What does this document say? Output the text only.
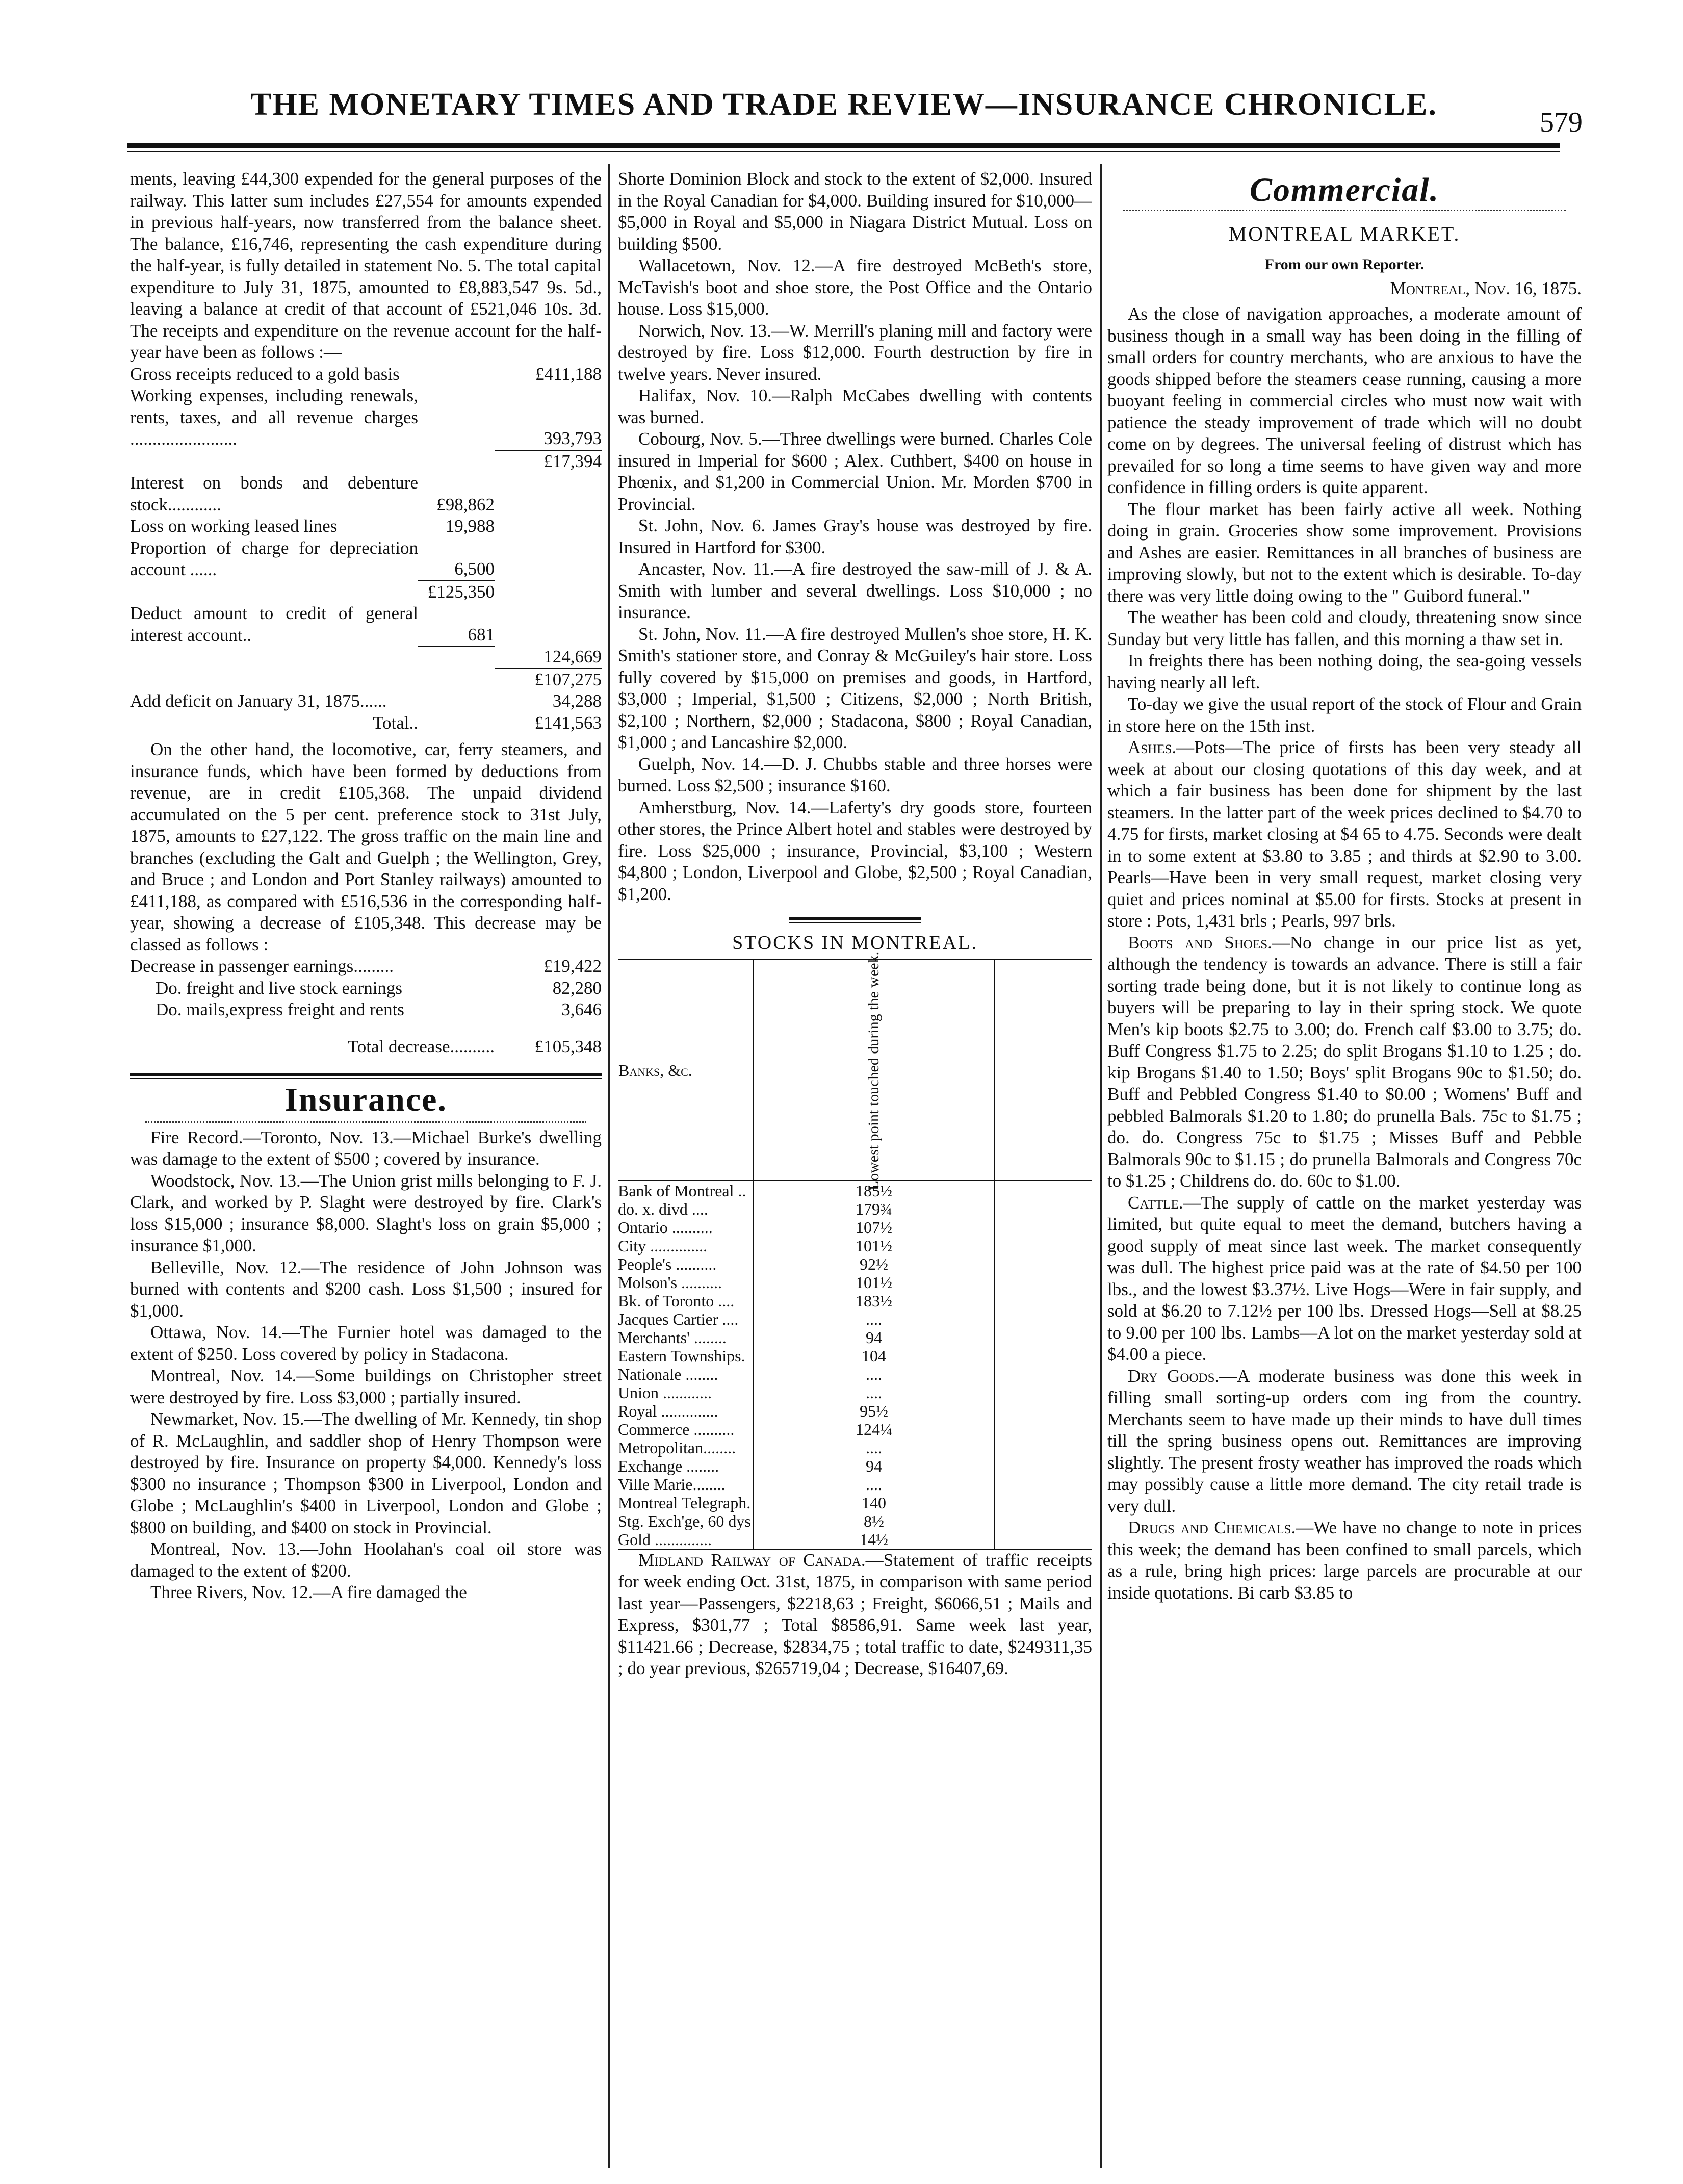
THE MONETARY TIMES AND TRADE REVIEW—INSURANCE CHRONICLE.
579

ments, leaving £44,300 expended for the general purposes of the railway. This latter sum includes £27,554 for amounts expended in previous half-years, now transferred from the balance sheet. The balance, £16,746, representing the cash expenditure during the half-year, is fully detailed in statement No. 5. The total capital expenditure to July 31, 1875, amounted to £8,883,547 9s. 5d., leaving a balance at credit of that account of £521,046 10s. 3d. The receipts and expenditure on the revenue account for the half-year have been as follows :—

Gross receipts reduced to a gold basis		£411,188
Working expenses, including renewals, rents, taxes, and all revenue charges ........................		393,793
		£17,394
Interest on bonds and debenture stock............	£98,862	
Loss on working leased lines	19,988	
Proportion of charge for depreciation account ......	6,500	
	£125,350	
Deduct amount to credit of general interest account..	681	
		124,669
		£107,275
Add deficit on January 31, 1875......		34,288
Total..		£141,563

On the other hand, the locomotive, car, ferry steamers, and insurance funds, which have been formed by deductions from revenue, are in credit £105,368. The unpaid dividend accumulated on the 5 per cent. preference stock to 31st July, 1875, amounts to £27,122. The gross traffic on the main line and branches (excluding the Galt and Guelph ; the Wellington, Grey, and Bruce ; and London and Port Stanley railways) amounted to £411,188, as compared with £516,536 in the corresponding half-year, showing a decrease of £105,348. This decrease may be classed as follows :

Decrease in passenger earnings.........	£19,422
Do. freight and live stock earnings	82,280
Do. mails,express freight and rents	3,646
Total decrease..........	£105,348
Insurance.

Fire Record.—Toronto, Nov. 13.—Michael Burke's dwelling was damage to the extent of $500 ; covered by insurance.

Woodstock, Nov. 13.—The Union grist mills belonging to F. J. Clark, and worked by P. Slaght were destroyed by fire. Clark's loss $15,000 ; insurance $8,000. Slaght's loss on grain $5,000 ; insurance $1,000.

Belleville, Nov. 12.—The residence of John Johnson was burned with contents and $200 cash. Loss $1,500 ; insured for $1,000.

Ottawa, Nov. 14.—The Furnier hotel was damaged to the extent of $250. Loss covered by policy in Stadacona.

Montreal, Nov. 14.—Some buildings on Christopher street were destroyed by fire. Loss $3,000 ; partially insured.

Newmarket, Nov. 15.—The dwelling of Mr. Kennedy, tin shop of R. McLaughlin, and saddler shop of Henry Thompson were destroyed by fire. Insurance on property $4,000. Kennedy's loss $300 no insurance ; Thompson $300 in Liverpool, London and Globe ; McLaughlin's $400 in Liverpool, London and Globe ; $800 on building, and $400 on stock in Provincial.

Montreal, Nov. 13.—John Hoolahan's coal oil store was damaged to the extent of $200.

Three Rivers, Nov. 12.—A fire damaged the

Shorte Dominion Block and stock to the extent of $2,000. Insured in the Royal Canadian for $4,000. Building insured for $10,000—$5,000 in Royal and $5,000 in Niagara District Mutual. Loss on building $500.

Wallacetown, Nov. 12.—A fire destroyed McBeth's store, McTavish's boot and shoe store, the Post Office and the Ontario house. Loss $15,000.

Norwich, Nov. 13.—W. Merrill's planing mill and factory were destroyed by fire. Loss $12,000. Fourth destruction by fire in twelve years. Never insured.

Halifax, Nov. 10.—Ralph McCabes dwelling with contents was burned.

Cobourg, Nov. 5.—Three dwellings were burned. Charles Cole insured in Imperial for $600 ; Alex. Cuthbert, $400 on house in Phœnix, and $1,200 in Commercial Union. Mr. Morden $700 in Provincial.

St. John, Nov. 6. James Gray's house was destroyed by fire. Insured in Hartford for $300.

Ancaster, Nov. 11.—A fire destroyed the saw-mill of J. & A. Smith with lumber and several dwellings. Loss $10,000 ; no insurance.

St. John, Nov. 11.—A fire destroyed Mullen's shoe store, H. K. Smith's stationer store, and Conray & McGuiley's hair store. Loss fully covered by $15,000 on premises and goods, in Hartford, $3,000 ; Imperial, $1,500 ; Citizens, $2,000 ; North British, $2,100 ; Northern, $2,000 ; Stadacona, $800 ; Royal Canadian, $1,000 ; and Lancashire $2,000.

Guelph, Nov. 14.—D. J. Chubbs stable and three horses were burned. Loss $2,500 ; insurance $160.

Amherstburg, Nov. 14.—Laferty's dry goods store, fourteen other stores, the Prince Albert hotel and stables were destroyed by fire. Loss $25,000 ; insurance, Provincial, $3,100 ; Western $4,800 ; London, Liverpool and Globe, $2,500 ; Royal Canadian, $1,200.

STOCKS IN MONTREAL.
Banks, &c.	Lowest point touched during the week.			

Bank of Montreal ..	185½				
do. x. divd ....	179¾				
Ontario ..........	107½				
City ..............	101½				
People's ..........	92½				
Molson's ..........	101½				
Bk. of Toronto ....	183½				
Jacques Cartier ....	....				
Merchants' ........	94				
Eastern Townships.	104				
Nationale ........	....				
Union ............	....				
Royal ..............	95½				
Commerce ..........	124¼				
Metropolitan........	....				
Exchange ........	94				
Ville Marie........	....				
Montreal Telegraph.	140				
Stg. Exch'ge, 60 dys	8½				
Gold ..............	14½				

Midland Railway of Canada.—Statement of traffic receipts for week ending Oct. 31st, 1875, in comparison with same period last year—Passengers, $2218,63 ; Freight, $6066,51 ; Mails and Express, $301,77 ; Total $8586,91. Same week last year, $11421.66 ; Decrease, $2834,75 ; total traffic to date, $249311,35 ; do year previous, $265719,04 ; Decrease, $16407,69.

Commercial.
MONTREAL MARKET.
From our own Reporter.
Montreal, Nov. 16, 1875.

As the close of navigation approaches, a moderate amount of business though in a small way has been doing in the filling of small orders for country merchants, who are anxious to have the goods shipped before the steamers cease running, causing a more buoyant feeling in commercial circles who must now wait with patience the steady improvement of trade which will no doubt come on by degrees. The universal feeling of distrust which has prevailed for so long a time seems to have given way and more confidence in filling orders is quite apparent.

The flour market has been fairly active all week. Nothing doing in grain. Groceries show some improvement. Provisions and Ashes are easier. Remittances in all branches of business are improving slowly, but not to the extent which is desirable. To-day there was very little doing owing to the " Guibord funeral."

The weather has been cold and cloudy, threatening snow since Sunday but very little has fallen, and this morning a thaw set in.

In freights there has been nothing doing, the sea-going vessels having nearly all left.

To-day we give the usual report of the stock of Flour and Grain in store here on the 15th inst.

Ashes.—Pots—The price of firsts has been very steady all week at about our closing quotations of this day week, and at which a fair business has been done for shipment by the last steamers. In the latter part of the week prices declined to $4.70 to 4.75 for firsts, market closing at $4 65 to 4.75. Seconds were dealt in to some extent at $3.80 to 3.85 ; and thirds at $2.90 to 3.00. Pearls—Have been in very small request, market closing very quiet and prices nominal at $5.00 for firsts. Stocks at present in store : Pots, 1,431 brls ; Pearls, 997 brls.

Boots and Shoes.—No change in our price list as yet, although the tendency is towards an advance. There is still a fair sorting trade being done, but it is not likely to continue long as buyers will be preparing to lay in their spring stock. We quote Men's kip boots $2.75 to 3.00; do. French calf $3.00 to 3.75; do. Buff Congress $1.75 to 2.25; do split Brogans $1.10 to 1.25 ; do. kip Brogans $1.40 to 1.50; Boys' split Brogans 90c to $1.50; do. Buff and Pebbled Congress $1.40 to $0.00 ; Womens' Buff and pebbled Balmorals $1.20 to 1.80; do prunella Bals. 75c to $1.75 ; do. do. Congress 75c to $1.75 ; Misses Buff and Pebble Balmorals 90c to $1.15 ; do prunella Balmorals and Congress 70c to $1.25 ; Childrens do. do. 60c to $1.00.

Cattle.—The supply of cattle on the market yesterday was limited, but quite equal to meet the demand, butchers having a good supply of meat since last week. The market consequently was dull. The highest price paid was at the rate of $4.50 per 100 lbs., and the lowest $3.37½. Live Hogs—Were in fair supply, and sold at $6.20 to 7.12½ per 100 lbs. Dressed Hogs—Sell at $8.25 to 9.00 per 100 lbs. Lambs—A lot on the market yesterday sold at $4.00 a piece.

Dry Goods.—A moderate business was done this week in filling small sorting-up orders com ing from the country. Merchants seem to have made up their minds to have dull times till the spring business opens out. Remittances are improving slightly. The present frosty weather has improved the roads which may possibly cause a little more demand. The city retail trade is very dull.

Drugs and Chemicals.—We have no change to note in prices this week; the demand has been confined to small parcels, which as a rule, bring high prices: large parcels are procurable at our inside quotations. Bi carb $3.85 to
